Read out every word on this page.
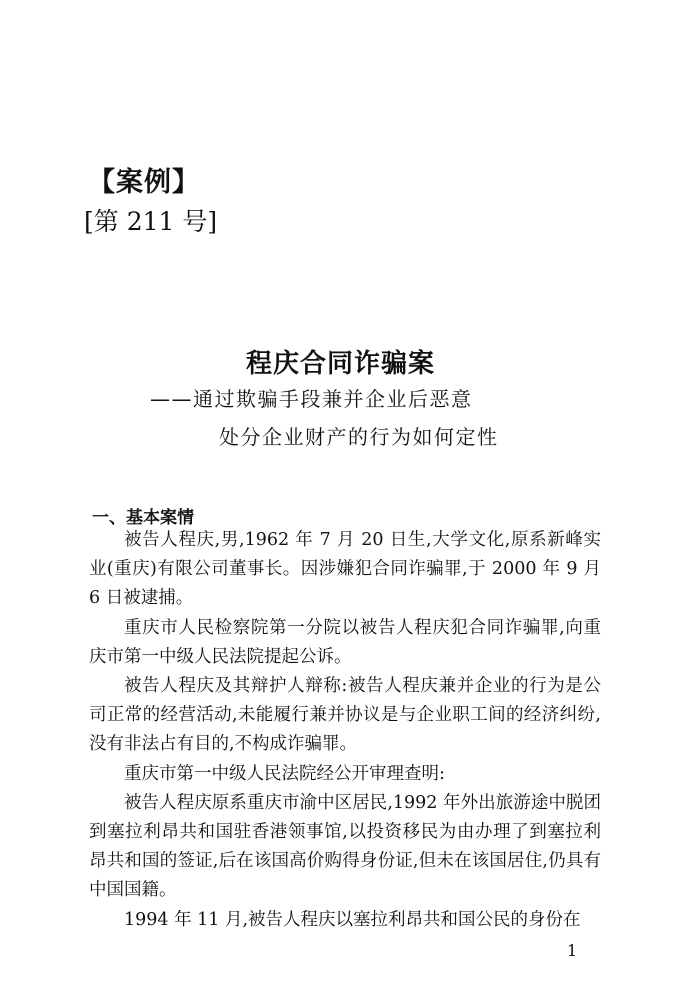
【案例】
[第 211 号]
程庆合同诈骗案
——通过欺骗手段兼并企业后恶意
处分企业财产的行为如何定性
一、基本案情

被告人程庆,男,1962 年 7 月 20 日生,大学文化,原系新峰实业(重庆)有限公司董事长。因涉嫌犯合同诈骗罪,于 2000 年 9 月 6 日被逮捕。

重庆市人民检察院第一分院以被告人程庆犯合同诈骗罪,向重庆市第一中级人民法院提起公诉。

被告人程庆及其辩护人辩称:被告人程庆兼并企业的行为是公司正常的经营活动,未能履行兼并协议是与企业职工间的经济纠纷,没有非法占有目的,不构成诈骗罪。

重庆市第一中级人民法院经公开审理查明:

被告人程庆原系重庆市渝中区居民,1992 年外出旅游途中脱团到塞拉利昂共和国驻香港领事馆,以投资移民为由办理了到塞拉利昂共和国的签证,后在该国高价购得身份证,但未在该国居住,仍具有中国国籍。

1994 年 11 月,被告人程庆以塞拉利昂共和国公民的身份在

1
